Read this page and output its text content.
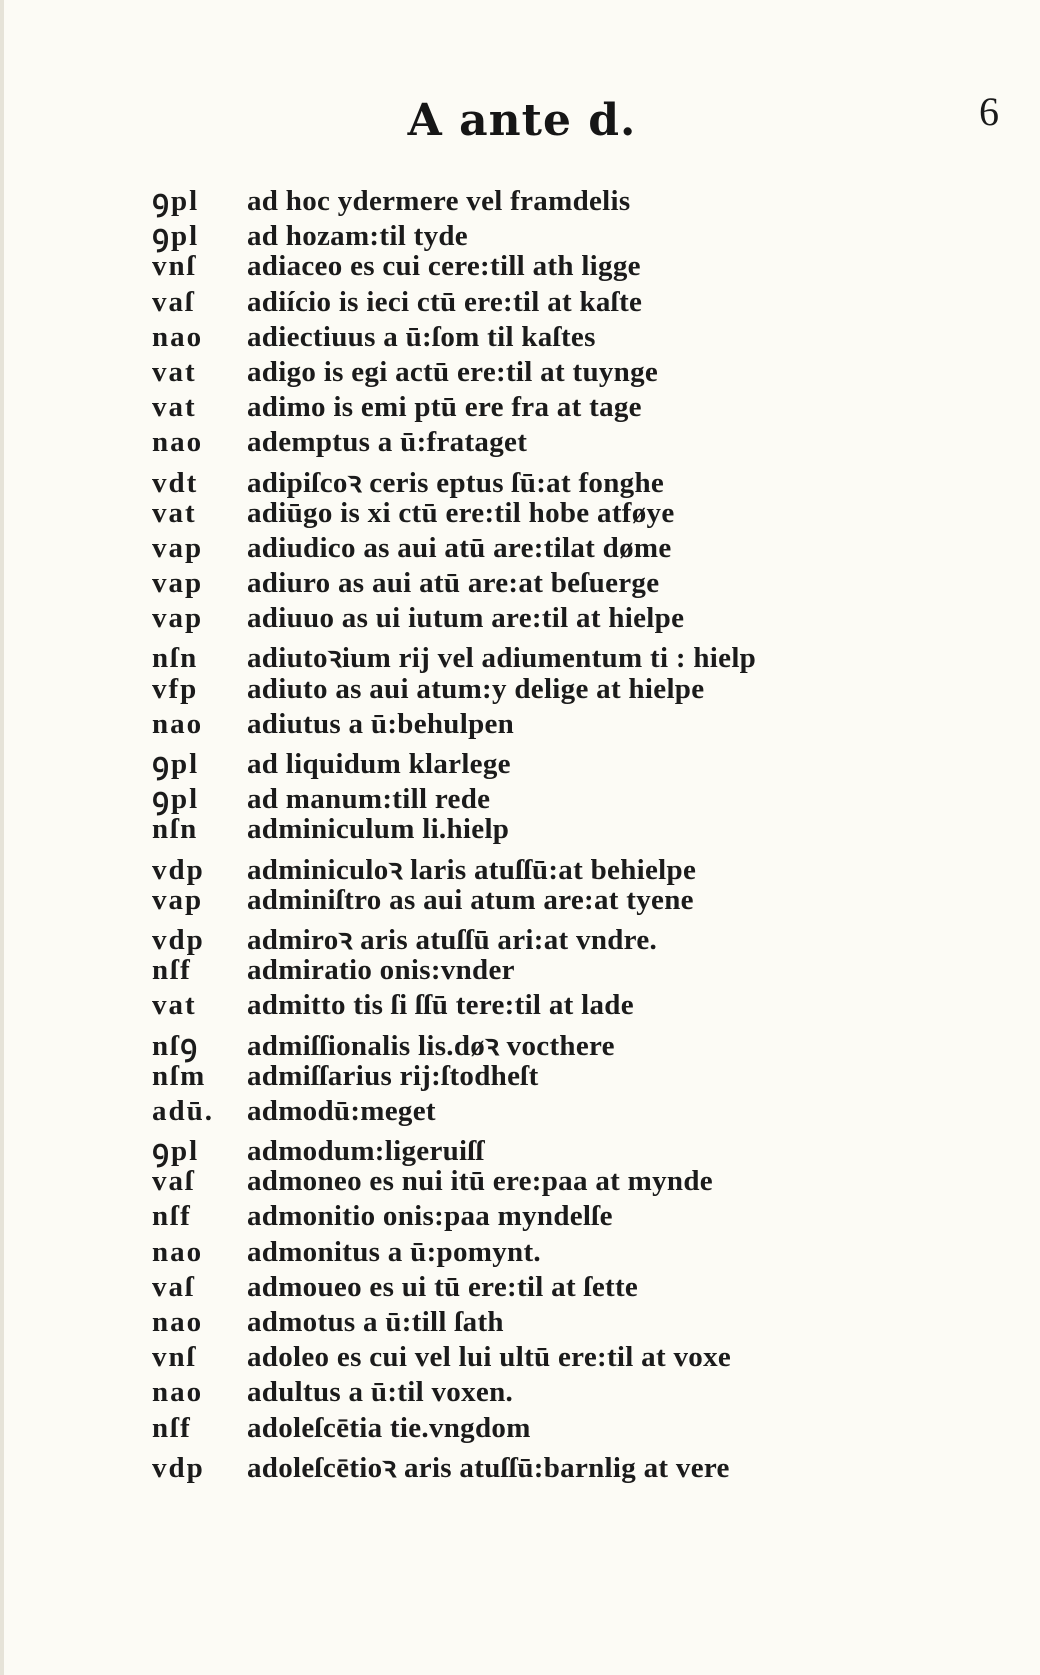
A ante d.	6
ꝯpl	ad hoc ydermere vel framdelis
ꝯpl	ad hozam:til tyde
vnſ	adiaceo es cui cere:till ath ligge
vaſ	adiício is ieci ctū ere:til at kaſte
nao	adiectiuus a ū:ſom til kaſtes
vat	adigo is egi actū ere:til at tuynge
vat	adimo is emi ptū ere fra at tage
nao	ademptus a ū:frataget
vdt	adipiſcoꝛ ceris eptus ſū:at fonghe
vat	adiūgo is xi ctū ere:til hobe atføye
vap	adiudico as aui atū are:tilat døme
vap	adiuro as aui atū are:at beſuerge
vap	adiuuo as ui iutum are:til at hielpe
nſn	adiutoꝛium rij vel adiumentum ti : hielp
vfp	adiuto as aui atum:y delige at hielpe
nao	adiutus a ū:behulpen
ꝯpl	ad liquidum klarlege
ꝯpl	ad manum:till rede
nſn	adminiculum li.hielp
vdp	adminiculoꝛ laris atuſſū:at behielpe
vap	adminiſtro as aui atum are:at tyene
vdp	admiroꝛ aris atuſſū ari:at vndre.
nſf	admiratio onis:vnder
vat	admitto tis ſi ſſū tere:til at lade
nſꝯ	admiſſionalis lis.døꝛ vocthere
nſm	admiſſarius rij:ſtodheſt
adū.	admodū:meget
ꝯpl	admodum:ligeruiſſ
vaſ	admoneo es nui itū ere:paa at mynde
nſf	admonitio onis:paa myndelſe
nao	admonitus a ū:pomynt.
vaſ	admoueo es ui tū ere:til at ſette
nao	admotus a ū:till ſath
vnſ	adoleo es cui vel lui ultū ere:til at voxe
nao	adultus a ū:til voxen.
nſf	adoleſcētia tie.vngdom
vdp	adoleſcētioꝛ aris atuſſū:barnlig at vere
